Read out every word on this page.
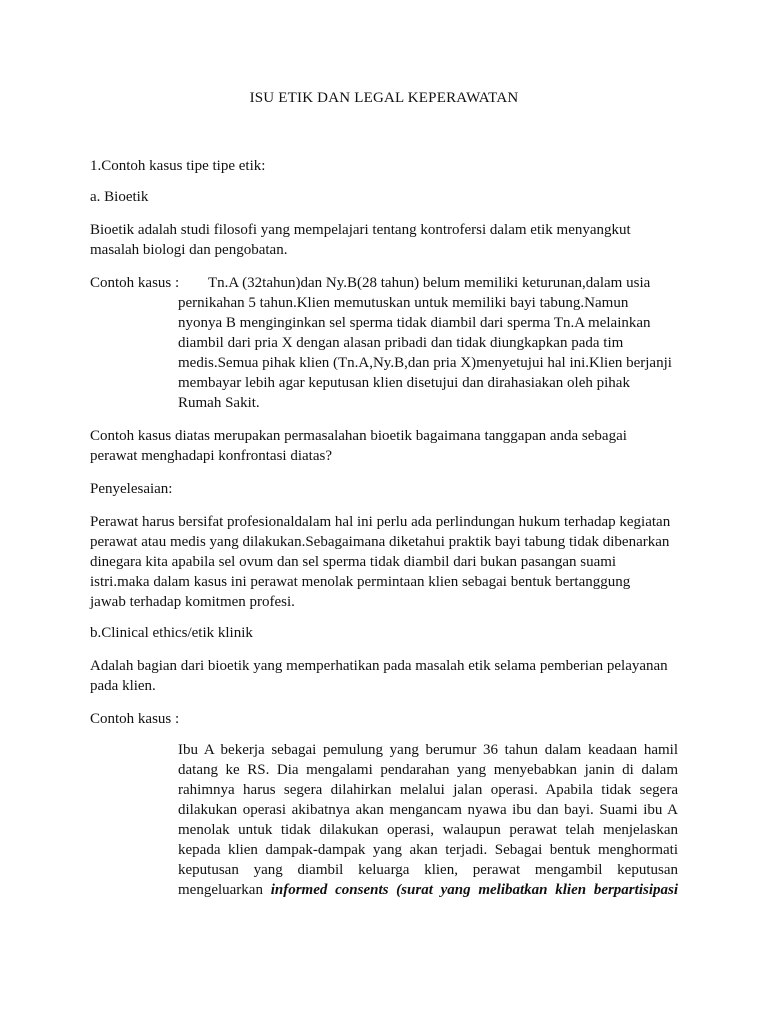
ISU ETIK DAN LEGAL KEPERAWATAN
1.Contoh kasus tipe tipe etik:
a. Bioetik
Bioetik adalah studi filosofi yang mempelajari tentang kontrofersi dalam etik menyangkut
masalah biologi dan pengobatan.
Contoh kasus : Tn.A (32tahun)dan Ny.B(28 tahun) belum memiliki keturunan,dalam usia
pernikahan 5 tahun.Klien memutuskan untuk memiliki bayi tabung.Namun
nyonya B menginginkan sel sperma tidak diambil dari sperma Tn.A melainkan
diambil dari pria X dengan alasan pribadi dan tidak diungkapkan pada tim
medis.Semua pihak klien (Tn.A,Ny.B,dan pria X)menyetujui hal ini.Klien berjanji
membayar lebih agar keputusan klien disetujui dan dirahasiakan oleh pihak
Rumah Sakit.
Contoh kasus diatas merupakan permasalahan bioetik bagaimana tanggapan anda sebagai
perawat menghadapi konfrontasi diatas?
Penyelesaian:
Perawat harus bersifat profesionaldalam hal ini perlu ada perlindungan hukum terhadap kegiatan
perawat atau medis yang dilakukan.Sebagaimana diketahui praktik bayi tabung tidak dibenarkan
dinegara kita apabila sel ovum dan sel sperma tidak diambil dari bukan pasangan suami
istri.maka dalam kasus ini perawat menolak permintaan klien sebagai bentuk bertanggung
jawab terhadap komitmen profesi.
b.Clinical ethics/etik klinik
Adalah bagian dari bioetik yang memperhatikan pada masalah etik selama pemberian pelayanan
pada klien.
Contoh kasus :
Ibu A bekerja sebagai pemulung yang berumur 36 tahun dalam keadaan hamil
datang ke RS. Dia mengalami pendarahan yang menyebabkan janin di dalam
rahimnya harus segera dilahirkan melalui jalan operasi. Apabila tidak segera
dilakukan operasi akibatnya akan mengancam nyawa ibu dan bayi. Suami ibu A
menolak untuk tidak dilakukan operasi, walaupun perawat telah menjelaskan
kepada klien dampak-dampak yang akan terjadi. Sebagai bentuk menghormati
keputusan yang diambil keluarga klien, perawat mengambil keputusan
mengeluarkan informed consents (surat yang melibatkan klien berpartisipasi
